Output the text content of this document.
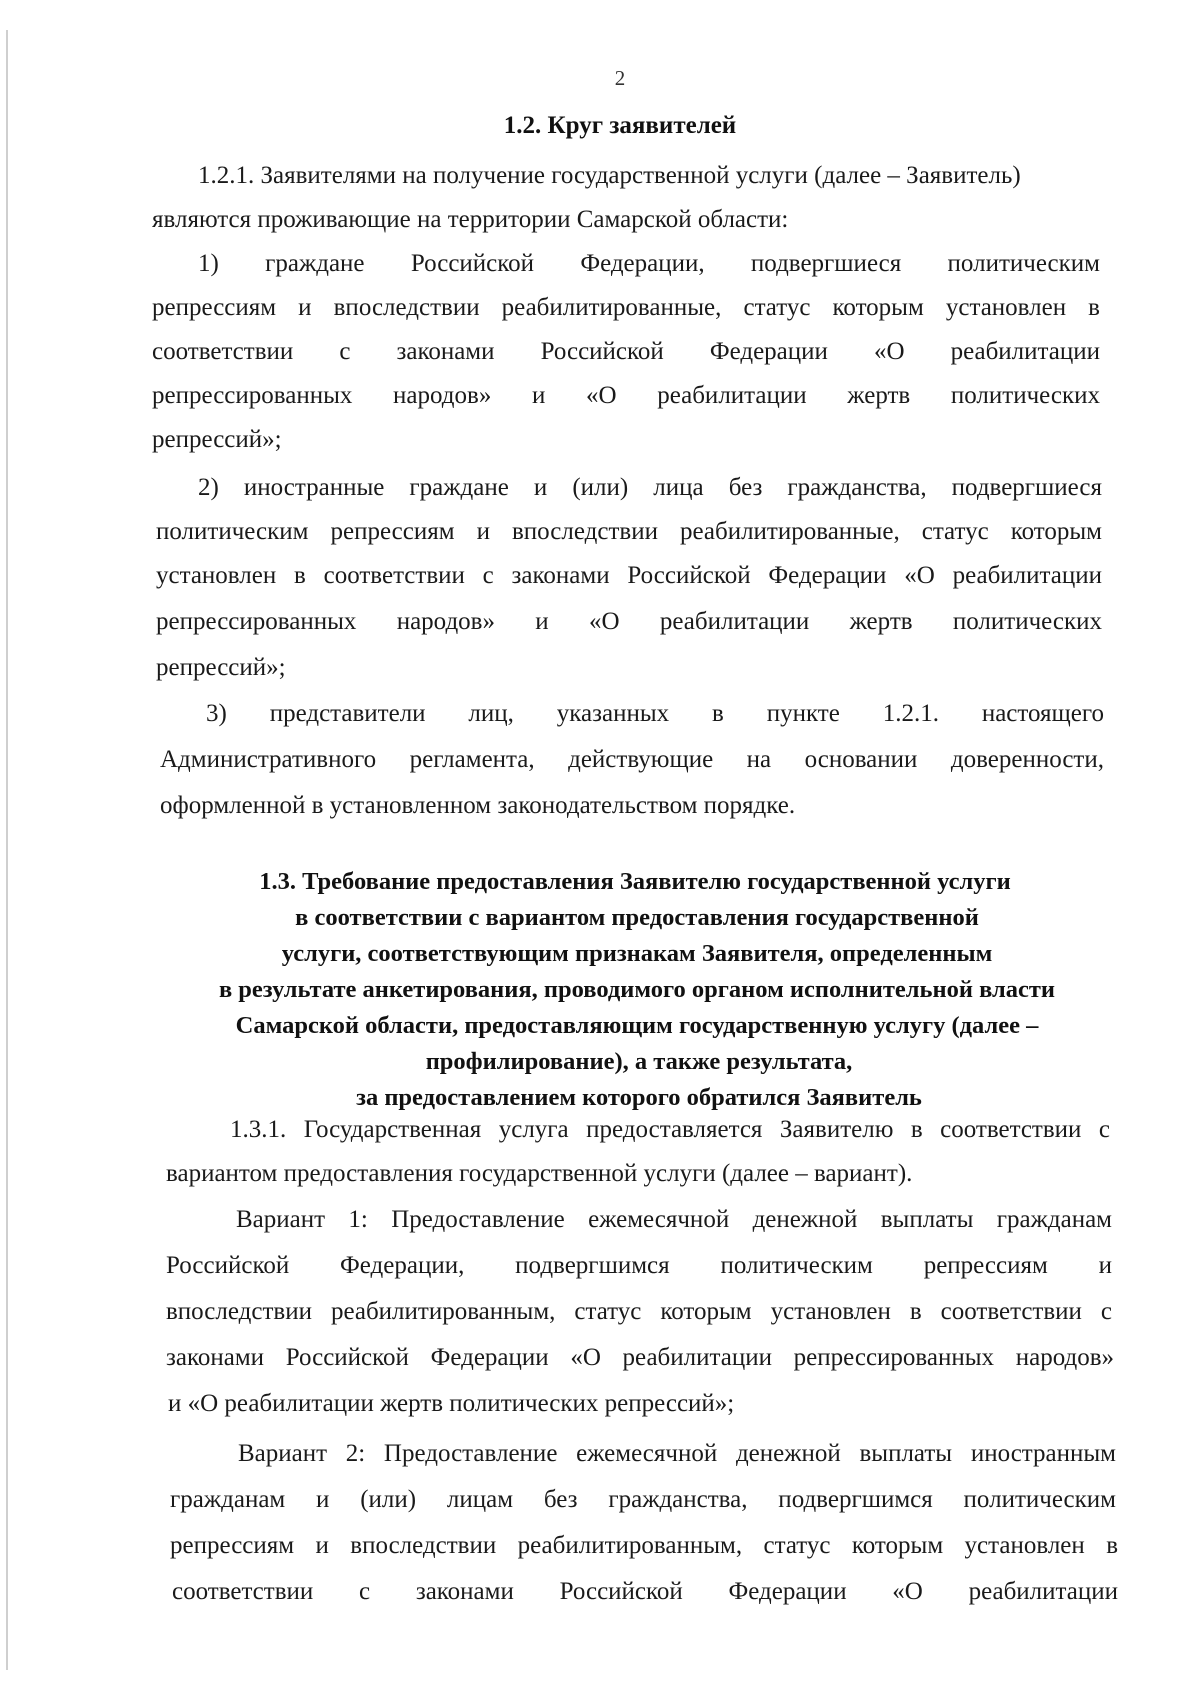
2
1.2. Круг заявителей
1.2.1. Заявителями на получение государственной услуги (далее – Заявитель)
являются проживающие на территории Самарской области:
1) граждане Российской Федерации, подвергшиеся политическим
репрессиям и впоследствии реабилитированные, статус которым установлен в
соответствии с законами Российской Федерации «О реабилитации
репрессированных народов» и «О реабилитации жертв политических
репрессий»;
2) иностранные граждане и (или) лица без гражданства, подвергшиеся
политическим репрессиям и впоследствии реабилитированные, статус которым
установлен в соответствии с законами Российской Федерации «О реабилитации
репрессированных народов» и «О реабилитации жертв политических
репрессий»;
3) представители лиц, указанных в пункте 1.2.1. настоящего
Административного регламента, действующие на основании доверенности,
оформленной в установленном законодательством порядке.
1.3. Требование предоставления Заявителю государственной услуги
в соответствии с вариантом предоставления государственной
услуги, соответствующим признакам Заявителя, определенным
в результате анкетирования, проводимого органом исполнительной власти
Самарской области, предоставляющим государственную услугу (далее –
профилирование), а также результата,
за предоставлением которого обратился Заявитель
1.3.1. Государственная услуга предоставляется Заявителю в соответствии с
вариантом предоставления государственной услуги (далее – вариант).
Вариант 1: Предоставление ежемесячной денежной выплаты гражданам
Российской Федерации, подвергшимся политическим репрессиям и
впоследствии реабилитированным, статус которым установлен в соответствии с
законами Российской Федерации «О реабилитации репрессированных народов»
и «О реабилитации жертв политических репрессий»;
Вариант 2: Предоставление ежемесячной денежной выплаты иностранным
гражданам и (или) лицам без гражданства, подвергшимся политическим
репрессиям и впоследствии реабилитированным, статус которым установлен в
соответствии с законами Российской Федерации «О реабилитации
